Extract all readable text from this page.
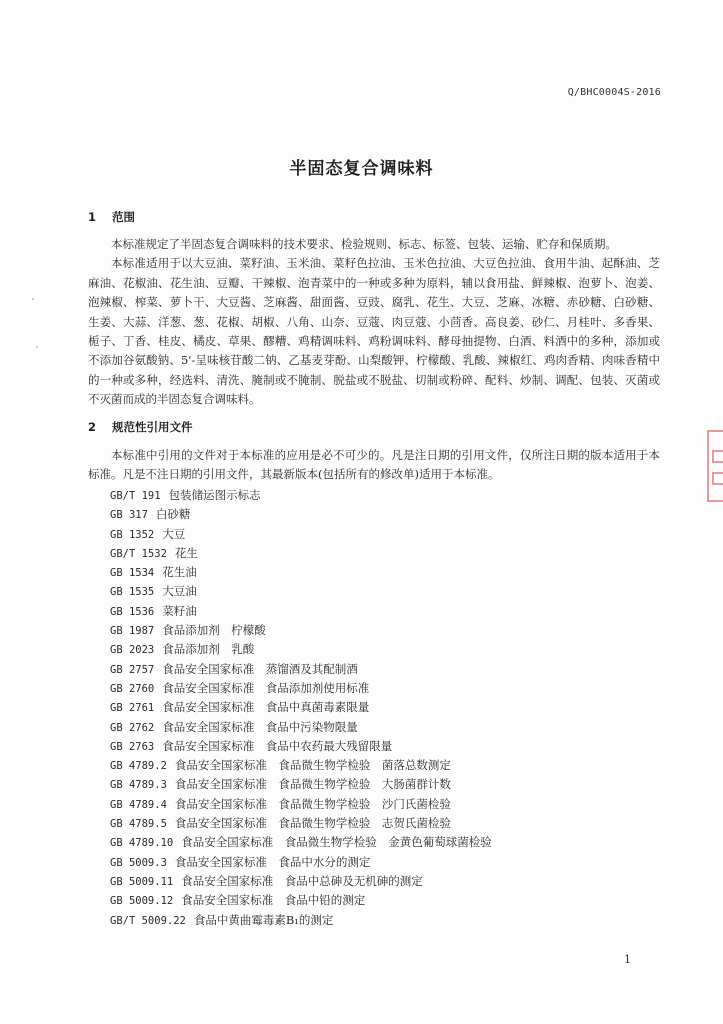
Q/BHC0004S-2016
半固态复合调味料
1 范围

本标准规定了半固态复合调味料的技术要求、检验规则、标志、标签、包装、运输、贮存和保质期。

本标准适用于以大豆油、菜籽油、玉米油、菜籽色拉油、玉米色拉油、大豆色拉油、食用牛油、起酥油、芝麻油、花椒油、花生油、豆瓣、干辣椒、泡青菜中的一种或多种为原料，辅以食用盐、鲜辣椒、泡萝卜、泡姜、泡辣椒、榨菜、萝卜干、大豆酱、芝麻酱、甜面酱、豆豉、腐乳、花生、大豆、芝麻、冰糖、赤砂糖、白砂糖、生姜、大蒜、洋葱、葱、花椒、胡椒、八角、山奈、豆蔻、肉豆蔻、小茴香、高良姜、砂仁、月桂叶、多香果、栀子、丁香、桂皮、橘皮、草果、醪糟、鸡精调味料、鸡粉调味料、酵母抽提物、白酒、料酒中的多种，添加或不添加谷氨酸钠、5'-呈味核苷酸二钠、乙基麦芽酚、山梨酸钾、柠檬酸、乳酸、辣椒红、鸡肉香精、肉味香精中的一种或多种，经选料、清洗、腌制或不腌制、脱盐或不脱盐、切制或粉碎、配料、炒制、调配、包装、灭菌或不灭菌而成的半固态复合调味料。

2 规范性引用文件

本标准中引用的文件对于本标准的应用是必不可少的。凡是注日期的引用文件，仅所注日期的版本适用于本标准。凡是不注日期的引用文件，其最新版本(包括所有的修改单)适用于本标准。

GB/T 191 包装储运图示标志
GB 317 白砂糖
GB 1352 大豆
GB/T 1532 花生
GB 1534 花生油
GB 1535 大豆油
GB 1536 菜籽油
GB 1987 食品添加剂　柠檬酸
GB 2023 食品添加剂　乳酸
GB 2757 食品安全国家标准　蒸馏酒及其配制酒
GB 2760 食品安全国家标准　食品添加剂使用标准
GB 2761 食品安全国家标准　食品中真菌毒素限量
GB 2762 食品安全国家标准　食品中污染物限量
GB 2763 食品安全国家标准　食品中农药最大残留限量
GB 4789.2 食品安全国家标准　食品微生物学检验　菌落总数测定
GB 4789.3 食品安全国家标准　食品微生物学检验　大肠菌群计数
GB 4789.4 食品安全国家标准　食品微生物学检验　沙门氏菌检验
GB 4789.5 食品安全国家标准　食品微生物学检验　志贺氏菌检验
GB 4789.10 食品安全国家标准　食品微生物学检验　金黄色葡萄球菌检验
GB 5009.3 食品安全国家标准　食品中水分的测定
GB 5009.11 食品安全国家标准　食品中总砷及无机砷的测定
GB 5009.12 食品安全国家标准　食品中铅的测定
GB/T 5009.22 食品中黄曲霉毒素B₁的测定
1
